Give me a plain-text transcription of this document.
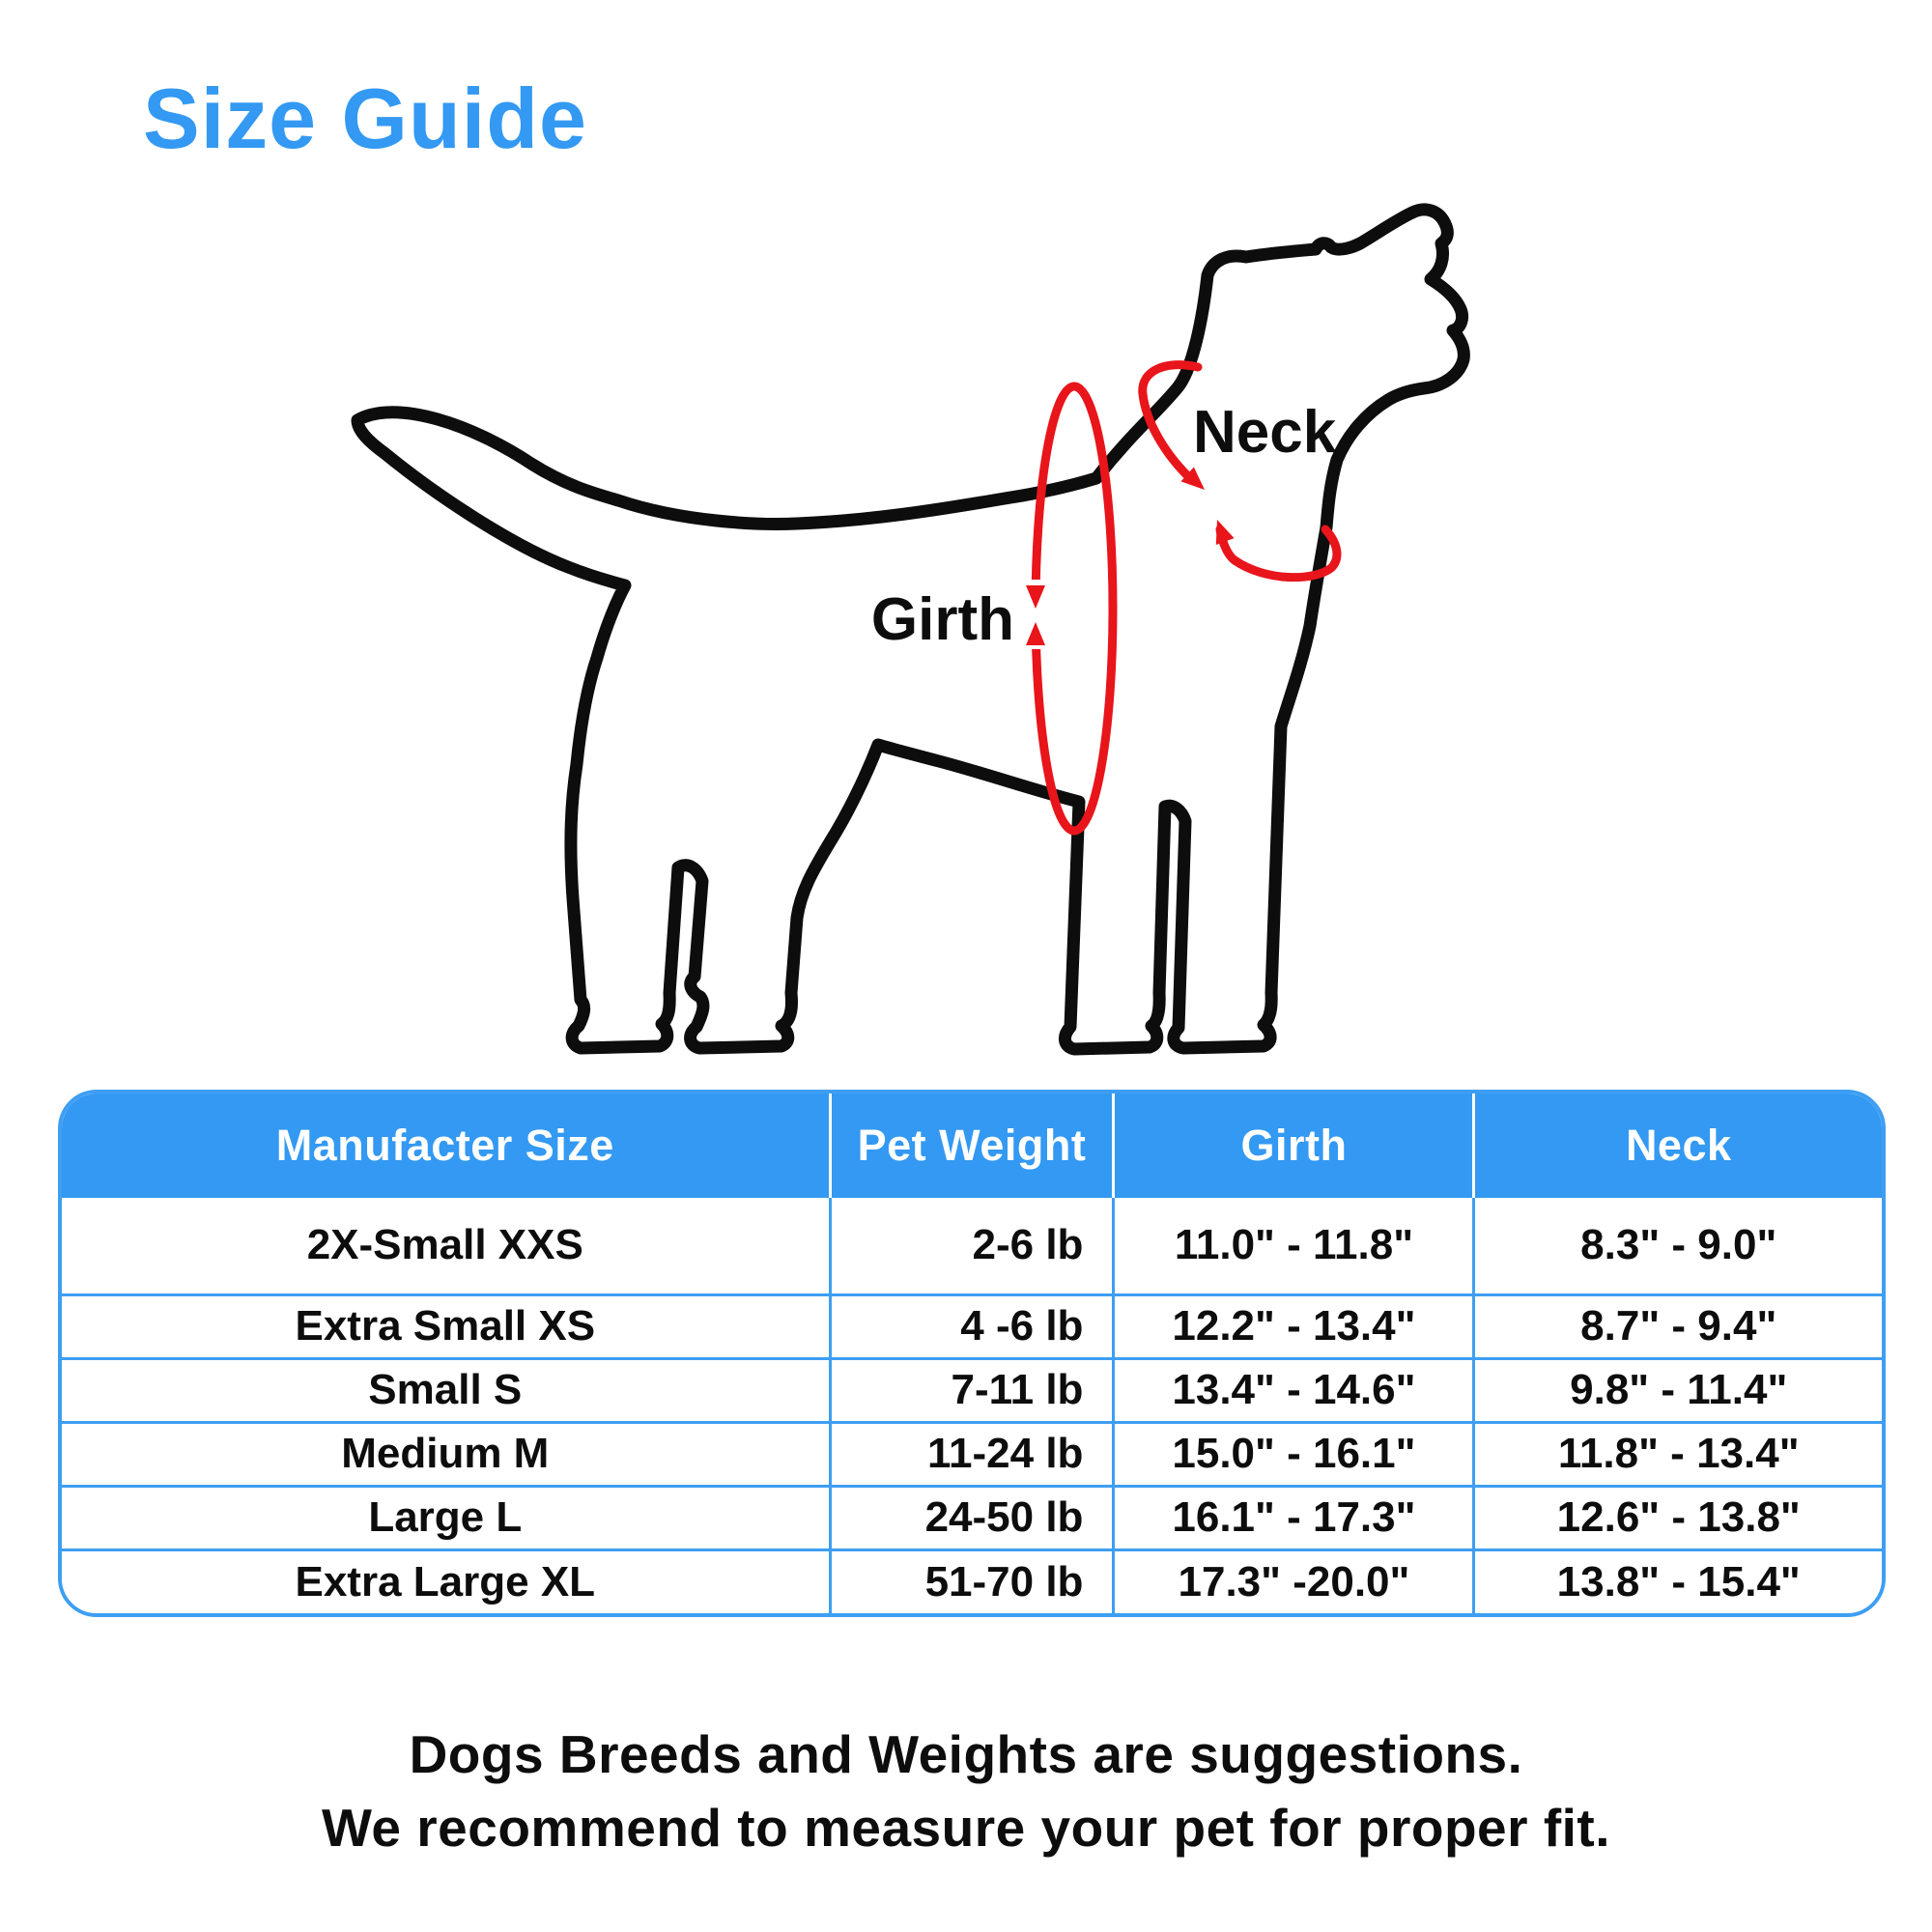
Size Guide
Girth
Neck
Manufacter Size	Pet Weight	Girth	Neck
2X-Small XXS	2-6 lb	11.0" - 11.8"	8.3" - 9.0"
Extra Small XS	4 -6 lb	12.2" - 13.4"	8.7" - 9.4"
Small S	7-11 lb	13.4" - 14.6"	9.8" - 11.4"
Medium M	11-24 lb	15.0" - 16.1"	11.8" - 13.4"
Large L	24-50 lb	16.1" - 17.3"	12.6" - 13.8"
Extra Large XL	51-70 lb	17.3" -20.0"	13.8" - 15.4"
Dogs Breeds and Weights are suggestions.
We recommend to measure your pet for proper fit.
